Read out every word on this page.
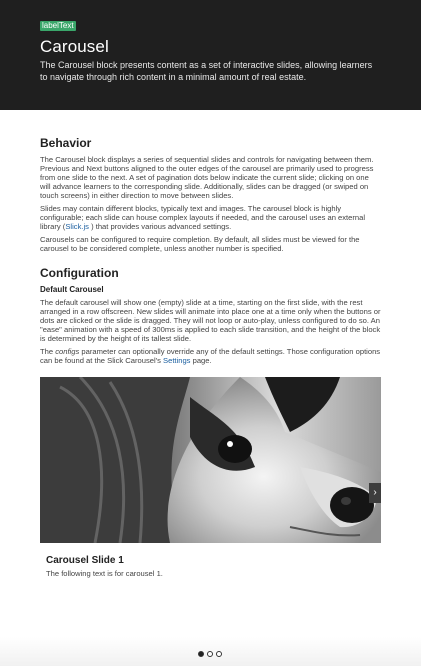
labelText
Carousel

The Carousel block presents content as a set of interactive slides, allowing learners to navigate through rich content in a minimal amount of real estate.

Behavior

The Carousel block displays a series of sequential slides and controls for navigating between them. Previous and Next buttons aligned to the outer edges of the carousel are primarily used to progress from one slide to the next. A set of pagination dots below indicate the current slide; clicking on one will advance learners to the corresponding slide. Additionally, slides can be dragged (or swiped on touch screens) in either direction to move between slides.

Slides may contain different blocks, typically text and images. The carousel block is highly configurable; each slide can house complex layouts if needed, and the carousel uses an external library (Slick.js ) that provides various advanced settings.

Carousels can be configured to require completion. By default, all slides must be viewed for the carousel to be considered complete, unless another number is specified.

Configuration
Default Carousel

The default carousel will show one (empty) slide at a time, starting on the first slide, with the rest arranged in a row offscreen. New slides will animate into place one at a time only when the buttons or dots are clicked or the slide is dragged. They will not loop or auto-play, unless configured to do so. An "ease" animation with a speed of 300ms is applied to each slide transition, and the height of the block is determined by the height of its tallest slide.

The configs parameter can optionally override any of the default settings. Those configuration options can be found at the Slick Carousel's Settings page.

›

Carousel Slide 1

The following text is for carousel 1.
